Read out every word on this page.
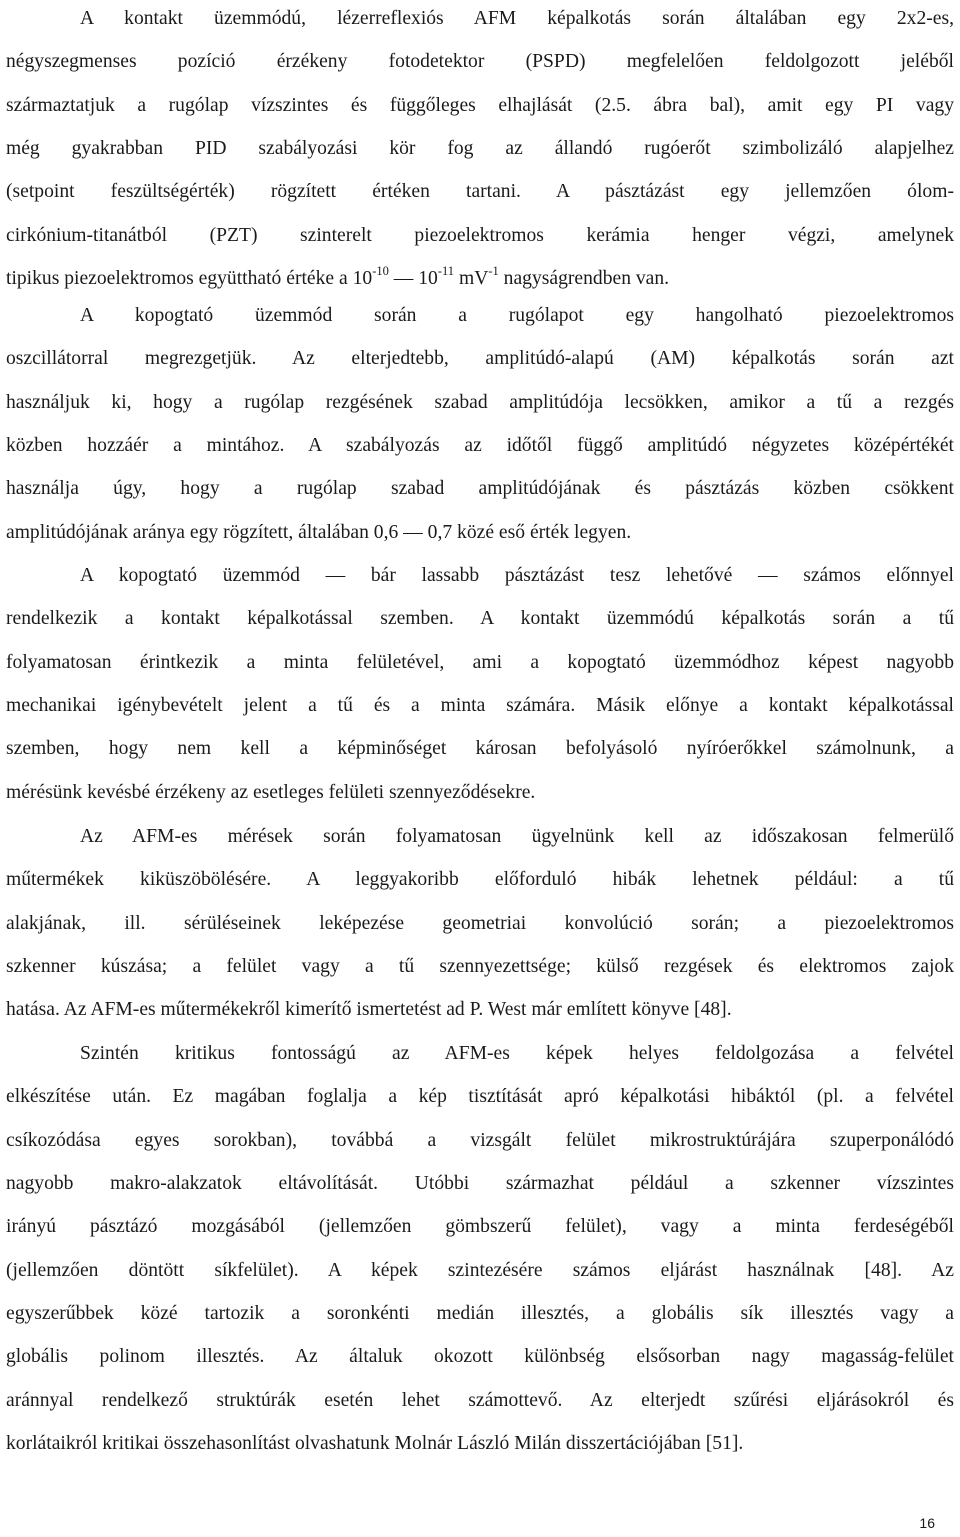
A kontakt üzemmódú, lézerreflexiós AFM képalkotás során általában egy 2x2-es,
négyszegmenses pozíció érzékeny fotodetektor (PSPD) megfelelően feldolgozott jeléből
származtatjuk a rugólap vízszintes és függőleges elhajlását (2.5. ábra bal), amit egy PI vagy
még gyakrabban PID szabályozási kör fog az állandó rugóerőt szimbolizáló alapjelhez
(setpoint feszültségérték) rögzített értéken tartani. A pásztázást egy jellemzően ólom-
cirkónium-titanátból (PZT) szinterelt piezoelektromos kerámia henger végzi, amelynek
tipikus piezoelektromos együttható értéke a $10^{-10}$ — $10^{-11}$ $mV^{-1}$ nagyságrendben van.
A kopogtató üzemmód során a rugólapot egy hangolható piezoelektromos
oszcillátorral megrezgetjük. Az elterjedtebb, amplitúdó-alapú (AM) képalkotás során azt
használjuk ki, hogy a rugólap rezgésének szabad amplitúdója lecsökken, amikor a tű a rezgés
közben hozzáér a mintához. A szabályozás az időtől függő amplitúdó négyzetes középértékét
használja úgy, hogy a rugólap szabad amplitúdójának és pásztázás közben csökkent
amplitúdójának aránya egy rögzített, általában 0,6 — 0,7 közé eső érték legyen.
A kopogtató üzemmód — bár lassabb pásztázást tesz lehetővé — számos előnnyel
rendelkezik a kontakt képalkotással szemben. A kontakt üzemmódú képalkotás során a tű
folyamatosan érintkezik a minta felületével, ami a kopogtató üzemmódhoz képest nagyobb
mechanikai igénybevételt jelent a tű és a minta számára. Másik előnye a kontakt képalkotással
szemben, hogy nem kell a képminőséget károsan befolyásoló nyíróerőkkel számolnunk, a
mérésünk kevésbé érzékeny az esetleges felületi szennyeződésekre.
Az AFM-es mérések során folyamatosan ügyelnünk kell az időszakosan felmerülő
műtermékek kiküszöbölésére. A leggyakoribb előforduló hibák lehetnek például: a tű
alakjának, ill. sérüléseinek leképezése geometriai konvolúció során; a piezoelektromos
szkenner kúszása; a felület vagy a tű szennyezettsége; külső rezgések és elektromos zajok
hatása. Az AFM-es műtermékekről kimerítő ismertetést ad P. West már említett könyve [48].
Szintén kritikus fontosságú az AFM-es képek helyes feldolgozása a felvétel
elkészítése után. Ez magában foglalja a kép tisztítását apró képalkotási hibáktól (pl. a felvétel
csíkozódása egyes sorokban), továbbá a vizsgált felület mikrostruktúrájára szuperponálódó
nagyobb makro-alakzatok eltávolítását. Utóbbi származhat például a szkenner vízszintes
irányú pásztázó mozgásából (jellemzően gömbszerű felület), vagy a minta ferdeségéből
(jellemzően döntött síkfelület). A képek szintezésére számos eljárást használnak [48]. Az
egyszerűbbek közé tartozik a soronkénti medián illesztés, a globális sík illesztés vagy a
globális polinom illesztés. Az általuk okozott különbség elsősorban nagy magasság-felület
aránnyal rendelkező struktúrák esetén lehet számottevő. Az elterjedt szűrési eljárásokról és
korlátaikról kritikai összehasonlítást olvashatunk Molnár László Milán disszertációjában [51].
16
